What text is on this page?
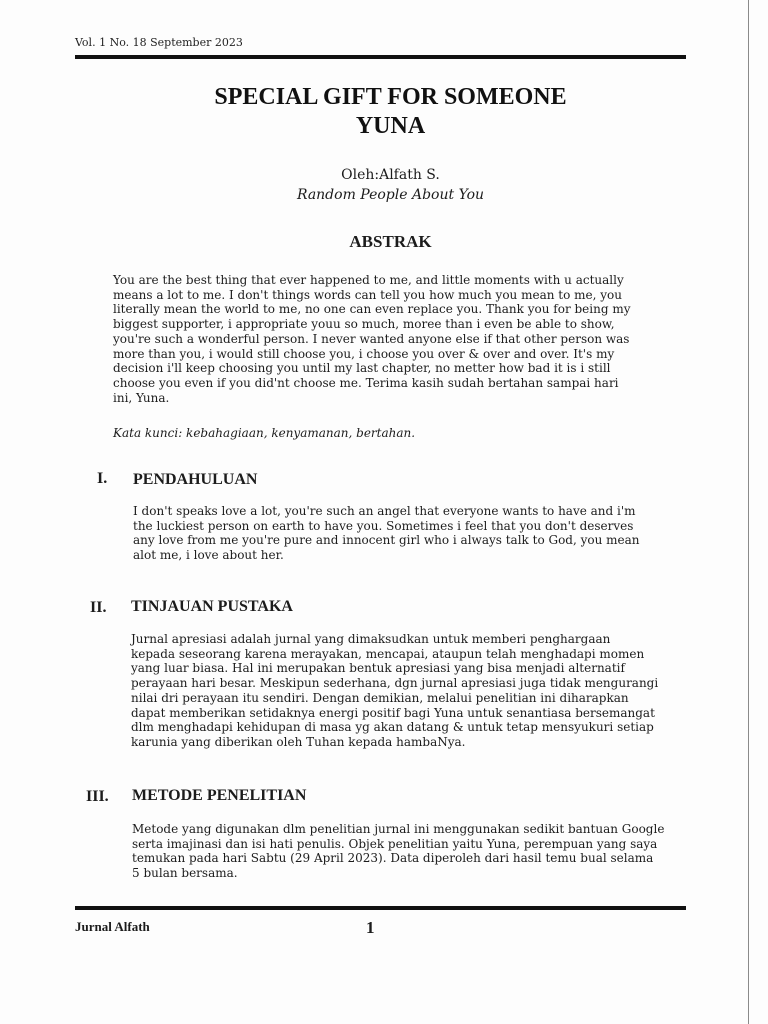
Vol. 1 No. 18 September 2023
SPECIAL GIFT FOR SOMEONE
YUNA
Oleh:Alfath S.
Random People About You
ABSTRAK
You are the best thing that ever happened to me, and little moments with u actually
means a lot to me. I don't things words can tell you how much you mean to me, you
literally mean the world to me, no one can even replace you. Thank you for being my
biggest supporter, i appropriate youu so much, moree than i even be able to show,
you're such a wonderful person. I never wanted anyone else if that other person was
more than you, i would still choose you, i choose you over & over and over. It's my
decision i'll keep choosing you until my last chapter, no metter how bad it is i still
choose you even if you did'nt choose me. Terima kasih sudah bertahan sampai hari
ini, Yuna.
Kata kunci: kebahagiaan, kenyamanan, bertahan.
I. PENDAHULUAN
I don't speaks love a lot, you're such an angel that everyone wants to have and i'm
the luckiest person on earth to have you. Sometimes i feel that you don't deserves
any love from me you're pure and innocent girl who i always talk to God, you mean
alot me, i love about her.
II. TINJAUAN PUSTAKA
Jurnal apresiasi adalah jurnal yang dimaksudkan untuk memberi penghargaan
kepada seseorang karena merayakan, mencapai, ataupun telah menghadapi momen
yang luar biasa. Hal ini merupakan bentuk apresiasi yang bisa menjadi alternatif
perayaan hari besar. Meskipun sederhana, dgn jurnal apresiasi juga tidak mengurangi
nilai dri perayaan itu sendiri. Dengan demikian, melalui penelitian ini diharapkan
dapat memberikan setidaknya energi positif bagi Yuna untuk senantiasa bersemangat
dlm menghadapi kehidupan di masa yg akan datang & untuk tetap mensyukuri setiap
karunia yang diberikan oleh Tuhan kepada hambaNya.
III. METODE PENELITIAN
Metode yang digunakan dlm penelitian jurnal ini menggunakan sedikit bantuan Google
serta imajinasi dan isi hati penulis. Objek penelitian yaitu Yuna, perempuan yang saya
temukan pada hari Sabtu (29 April 2023). Data diperoleh dari hasil temu bual selama
5 bulan bersama.
Jurnal Alfath	1
